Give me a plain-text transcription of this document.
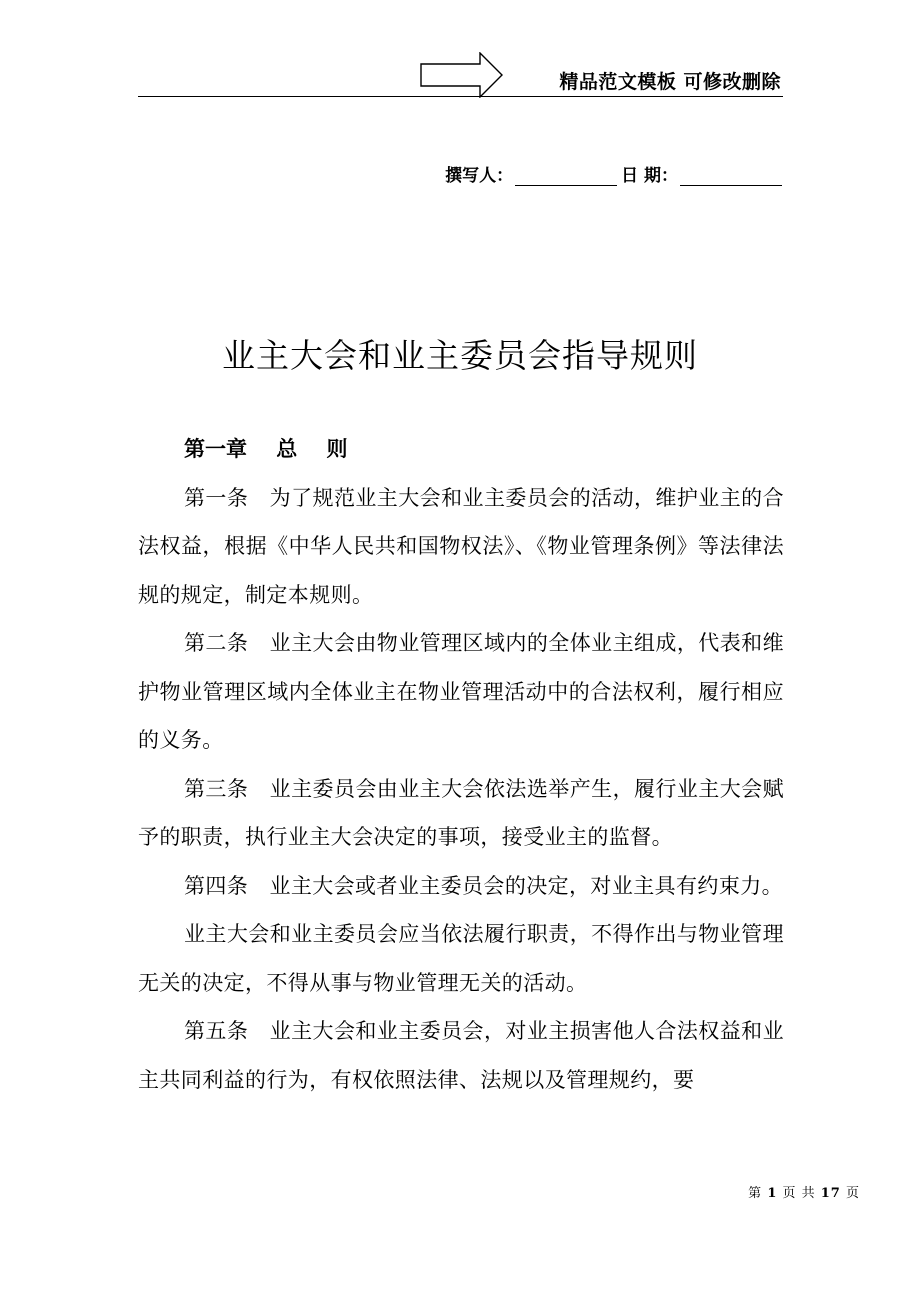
精品范文模板 可修改删除
撰写人：	日 期：
业主大会和业主委员会指导规则
第一章    总    则

第一条 为了规范业主大会和业主委员会的活动，维护业主的合法权益，根据《中华人民共和国物权法》、《物业管理条例》等法律法规的规定，制定本规则。

第二条 业主大会由物业管理区域内的全体业主组成，代表和维护物业管理区域内全体业主在物业管理活动中的合法权利，履行相应的义务。

第三条 业主委员会由业主大会依法选举产生，履行业主大会赋予的职责，执行业主大会决定的事项，接受业主的监督。

第四条 业主大会或者业主委员会的决定，对业主具有约束力。

业主大会和业主委员会应当依法履行职责，不得作出与物业管理无关的决定，不得从事与物业管理无关的活动。

第五条 业主大会和业主委员会，对业主损害他人合法权益和业主共同利益的行为，有权依照法律、法规以及管理规约，要

第 1 页 共 17 页
